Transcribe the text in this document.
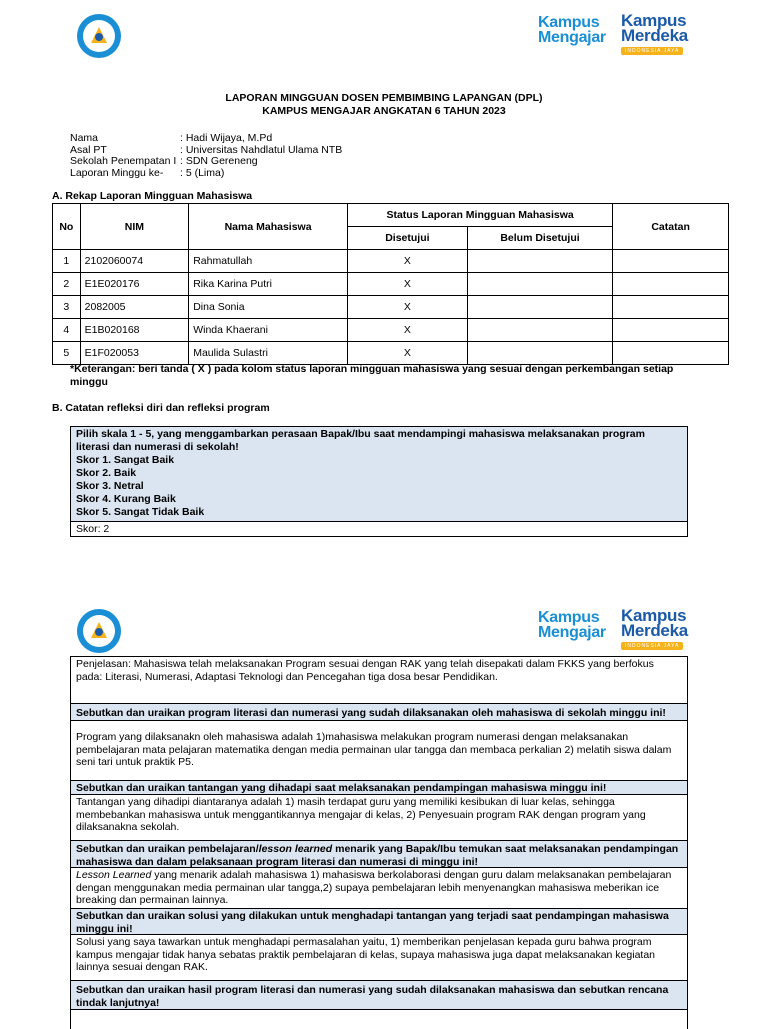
Kampus
Mengajar
Kampus
Merdeka
INDONESIA JAYA
LAPORAN MINGGUAN DOSEN PEMBIMBING LAPANGAN (DPL)
KAMPUS MENGAJAR ANGKATAN 6 TAHUN 2023
Nama	: Hadi Wijaya, M.Pd
Asal PT	: Universitas Nahdlatul Ulama NTB
Sekolah Penempatan I : SDN Gereneng
Laporan Minggu ke-	: 5 (Lima)
A. Rekap Laporan Mingguan Mahasiswa
No	NIM	Nama Mahasiswa	Status Laporan Mingguan Mahasiswa		Catatan
			Disetujui	Belum Disetujui	
1	2102060074	Rahmatullah	X		
2	E1E020176	Rika Karina Putri	X		
3	2082005	Dina Sonia	X		
4	E1B020168	Winda Khaerani	X		
5	E1F020053	Maulida Sulastri	X		
*Keterangan: beri tanda ( X ) pada kolom status laporan mingguan mahasiswa yang sesuai dengan perkembangan setiap
minggu
B. Catatan refleksi diri dan refleksi program
Pilih skala 1 - 5, yang menggambarkan perasaan Bapak/Ibu saat mendampingi mahasiswa melaksanakan program
literasi dan numerasi di sekolah!
Skor 1. Sangat Baik
Skor 2. Baik
Skor 3. Netral
Skor 4. Kurang Baik
Skor 5. Sangat Tidak Baik
Skor: 2
Kampus
Mengajar
Kampus
Merdeka
INDONESIA JAYA
Penjelasan: Mahasiswa telah melaksanakan Program sesuai dengan RAK yang telah disepakati dalam FKKS yang berfokus pada: Literasi, Numerasi, Adaptasi Teknologi dan Pencegahan tiga dosa besar Pendidikan.
Sebutkan dan uraikan program literasi dan numerasi yang sudah dilaksanakan oleh mahasiswa di sekolah minggu ini!
Program yang dilaksanakn oleh mahasiswa adalah 1)mahasiswa melakukan program numerasi dengan melaksanakan pembelajaran mata pelajaran matematika dengan media permainan ular tangga dan membaca perkalian 2) melatih siswa dalam seni tari untuk praktik P5.
Sebutkan dan uraikan tantangan yang dihadapi saat melaksanakan pendampingan mahasiswa minggu ini!
Tantangan yang dihadipi diantaranya adalah 1) masih terdapat guru yang memiliki kesibukan di luar kelas, sehingga membebankan mahasiswa untuk menggantikannya mengajar di kelas, 2) Penyesuain program RAK dengan program yang dilaksanakna sekolah.
Sebutkan dan uraikan pembelajaran/lesson learned menarik yang Bapak/Ibu temukan saat melaksanakan pendampingan mahasiswa dan dalam pelaksanaan program literasi dan numerasi di minggu ini!
Lesson Learned yang menarik adalah mahasiswa 1) mahasiswa berkolaborasi dengan guru dalam melaksanakan pembelajaran dengan menggunakan media permainan ular tangga,2) supaya pembelajaran lebih menyenangkan mahasiswa meberikan ice breaking dan permainan lainnya.
Sebutkan dan uraikan solusi yang dilakukan untuk menghadapi tantangan yang terjadi saat pendampingan mahasiswa minggu ini!
Solusi yang saya tawarkan untuk menghadapi permasalahan yaitu, 1) memberikan penjelasan kepada guru bahwa program kampus mengajar tidak hanya sebatas praktik pembelajaran di kelas, supaya mahasiswa juga dapat melaksanakan kegiatan lainnya sesuai dengan RAK.
Sebutkan dan uraikan hasil program literasi dan numerasi yang sudah dilaksanakan mahasiswa dan sebutkan rencana tindak lanjutnya!
